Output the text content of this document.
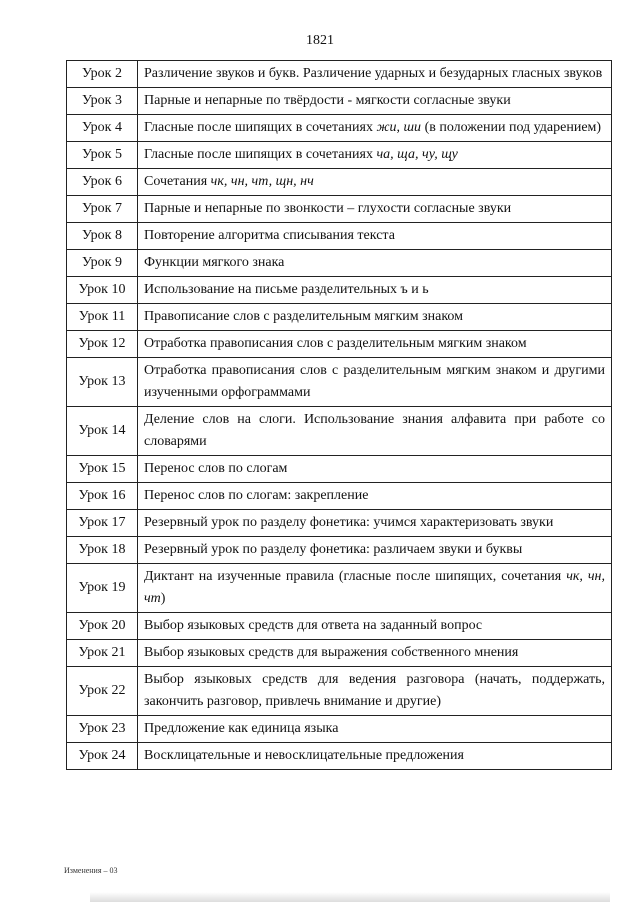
1821
Урок 2	Различение звуков и букв. Различение ударных и безударных гласных звуков
Урок 3	Парные и непарные по твёрдости - мягкости согласные звуки
Урок 4	Гласные после шипящих в сочетаниях жи, ши (в положении под ударением)
Урок 5	Гласные после шипящих в сочетаниях ча, ща, чу, щу
Урок 6	Сочетания чк, чн, чт, щн, нч
Урок 7	Парные и непарные по звонкости – глухости согласные звуки
Урок 8	Повторение алгоритма списывания текста
Урок 9	Функции мягкого знака
Урок 10	Использование на письме разделительных ъ и ь
Урок 11	Правописание слов с разделительным мягким знаком
Урок 12	Отработка правописания слов с разделительным мягким знаком
Урок 13	Отработка правописания слов с разделительным мягким знаком и другими изученными орфограммами
Урок 14	Деление слов на слоги. Использование знания алфавита при работе со словарями
Урок 15	Перенос слов по слогам
Урок 16	Перенос слов по слогам: закрепление
Урок 17	Резервный урок по разделу фонетика: учимся характеризовать звуки
Урок 18	Резервный урок по разделу фонетика: различаем звуки и буквы
Урок 19	Диктант на изученные правила (гласные после шипящих, сочетания чк, чн, чт)
Урок 20	Выбор языковых средств для ответа на заданный вопрос
Урок 21	Выбор языковых средств для выражения собственного мнения
Урок 22	Выбор языковых средств для ведения разговора (начать, поддержать, закончить разговор, привлечь внимание и другие)
Урок 23	Предложение как единица языка
Урок 24	Восклицательные и невосклицательные предложения
Изменения – 03
